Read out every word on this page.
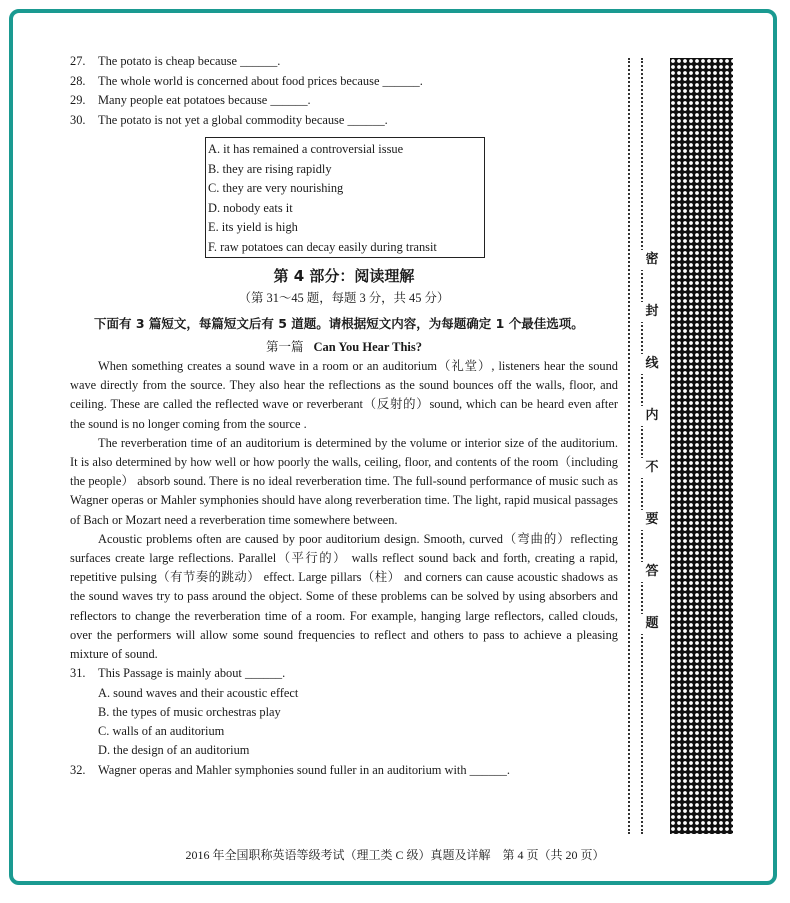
27. The potato is cheap because ______.

28. The whole world is concerned about food prices because ______.

29. Many people eat potatoes because ______.

30. The potato is not yet a global commodity because ______.

A. it has remained a controversial issue
B. they are rising rapidly
C. they are very nourishing
D. nobody eats it
E. its yield is high
F. raw potatoes can decay easily during transit
第 4 部分：阅读理解
（第 31～45 题，每题 3 分，共 45 分）

下面有 3 篇短文，每篇短文后有 5 道题。请根据短文内容，为每题确定 1 个最佳选项。

第一篇 Can You Hear This?

When something creates a sound wave in a room or an auditorium（礼堂）, listeners hear the sound wave directly from the source. They also hear the reflections as the sound bounces off the walls, floor, and ceiling. These are called the reflected wave or reverberant（反射的）sound, which can be heard even after the sound is no longer coming from the source .

The reverberation time of an auditorium is determined by the volume or interior size of the auditorium. It is also determined by how well or how poorly the walls, ceiling, floor, and contents of the room（including the people） absorb sound. There is no ideal reverberation time. The full-sound performance of music such as Wagner operas or Mahler symphonies should have along reverberation time. The light, rapid musical passages of Bach or Mozart need a reverberation time somewhere between.

Acoustic problems often are caused by poor auditorium design. Smooth, curved（弯曲的）reflecting surfaces create large reflections. Parallel（平行的） walls reflect sound back and forth, creating a rapid, repetitive pulsing（有节奏的跳动） effect. Large pillars（柱） and corners can cause acoustic shadows as the sound waves try to pass around the object. Some of these problems can be solved by using absorbers and reflectors to change the reverberation time of a room. For example, hanging large reflectors, called clouds, over the performers will allow some sound frequencies to reflect and others to pass to achieve a pleasing mixture of sound.

31. This Passage is mainly about ______.

A. sound waves and their acoustic effect
B. the types of music orchestras play
C. walls of an auditorium
D. the design of an auditorium

32. Wagner operas and Mahler symphonies sound fuller in an auditorium with ______.

2016 年全国职称英语等级考试（理工类 C 级）真题及详解　第 4 页（共 20 页）
密
封
线
内
不
要
答
题
